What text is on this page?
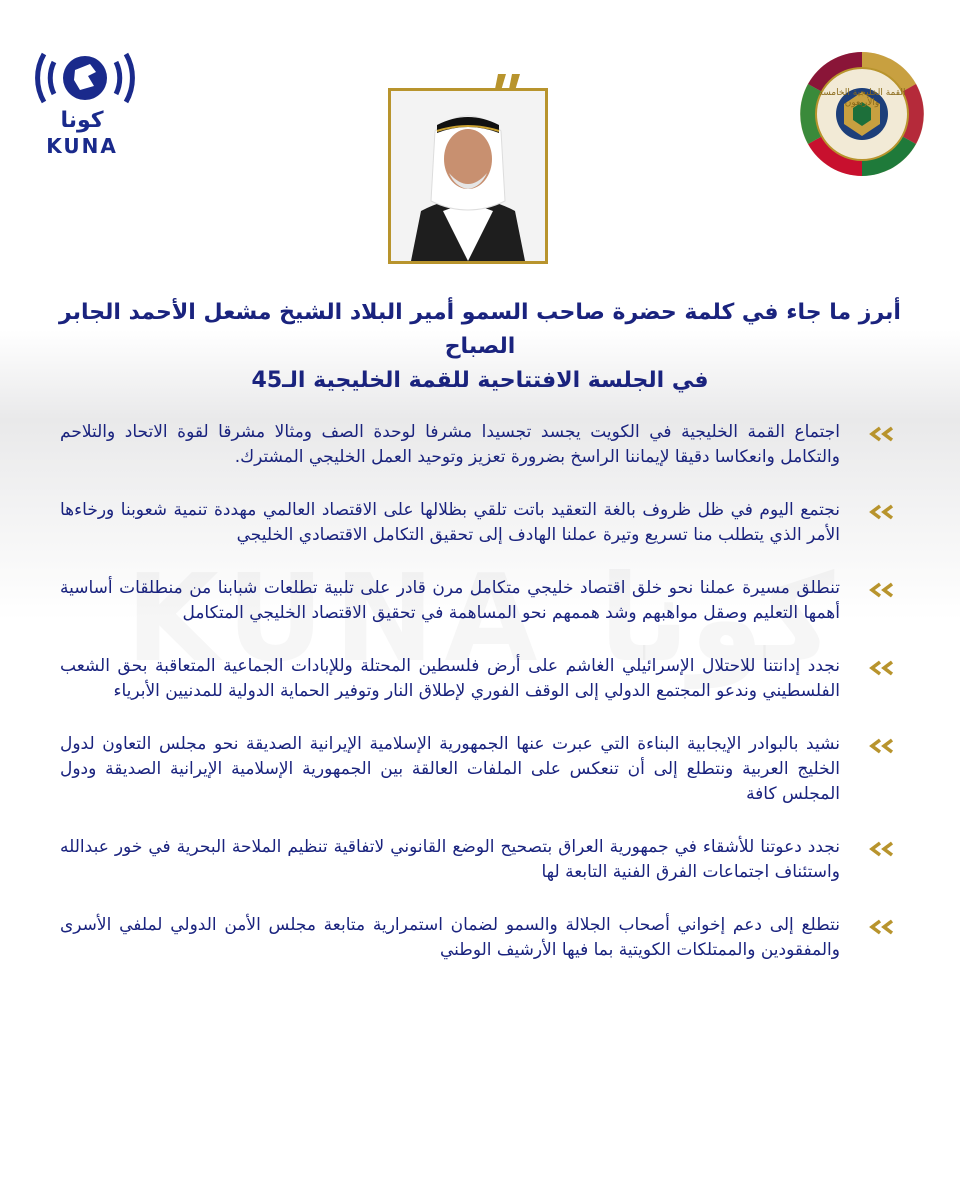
كونا
KUNA
القمة الخليجية الخامسة والأربعون
أبرز ما جاء في كلمة حضرة صاحب السمو أمير البلاد الشيخ مشعل الأحمد الجابر الصباح
في الجلسة الافتتاحية للقمة الخليجية الـ45
اجتماع القمة الخليجية في الكويت يجسد تجسيدا مشرفا لوحدة الصف ومثالا مشرقا لقوة الاتحاد والتلاحم والتكامل وانعكاسا دقيقا لإيماننا الراسخ بضرورة تعزيز وتوحيد العمل الخليجي المشترك.
نجتمع اليوم في ظل ظروف بالغة التعقيد باتت تلقي بظلالها على الاقتصاد العالمي مهددة تنمية شعوبنا ورخاءها الأمر الذي يتطلب منا تسريع وتيرة عملنا الهادف إلى تحقيق التكامل الاقتصادي الخليجي
تنطلق مسيرة عملنا نحو خلق اقتصاد خليجي متكامل مرن قادر على تلبية تطلعات شبابنا من منطلقات أساسية أهمها التعليم وصقل مواهبهم وشد هممهم نحو المساهمة في تحقيق الاقتصاد الخليجي المتكامل
نجدد إدانتنا للاحتلال الإسرائيلي الغاشم على أرض فلسطين المحتلة وللإبادات الجماعية المتعاقبة بحق الشعب الفلسطيني وندعو المجتمع الدولي إلى الوقف الفوري لإطلاق النار وتوفير الحماية الدولية للمدنيين الأبرياء
نشيد بالبوادر الإيجابية البناءة التي عبرت عنها الجمهورية الإسلامية الإيرانية الصديقة نحو مجلس التعاون لدول الخليج العربية ونتطلع إلى أن تنعكس على الملفات العالقة بين الجمهورية الإسلامية الإيرانية الصديقة ودول المجلس كافة
نجدد دعوتنا للأشقاء في جمهورية العراق بتصحيح الوضع القانوني لاتفاقية تنظيم الملاحة البحرية في خور عبدالله واستئناف اجتماعات الفرق الفنية التابعة لها
نتطلع إلى دعم إخواني أصحاب الجلالة والسمو لضمان استمرارية متابعة مجلس الأمن الدولي لملفي الأسرى والمفقودين والممتلكات الكويتية بما فيها الأرشيف الوطني
